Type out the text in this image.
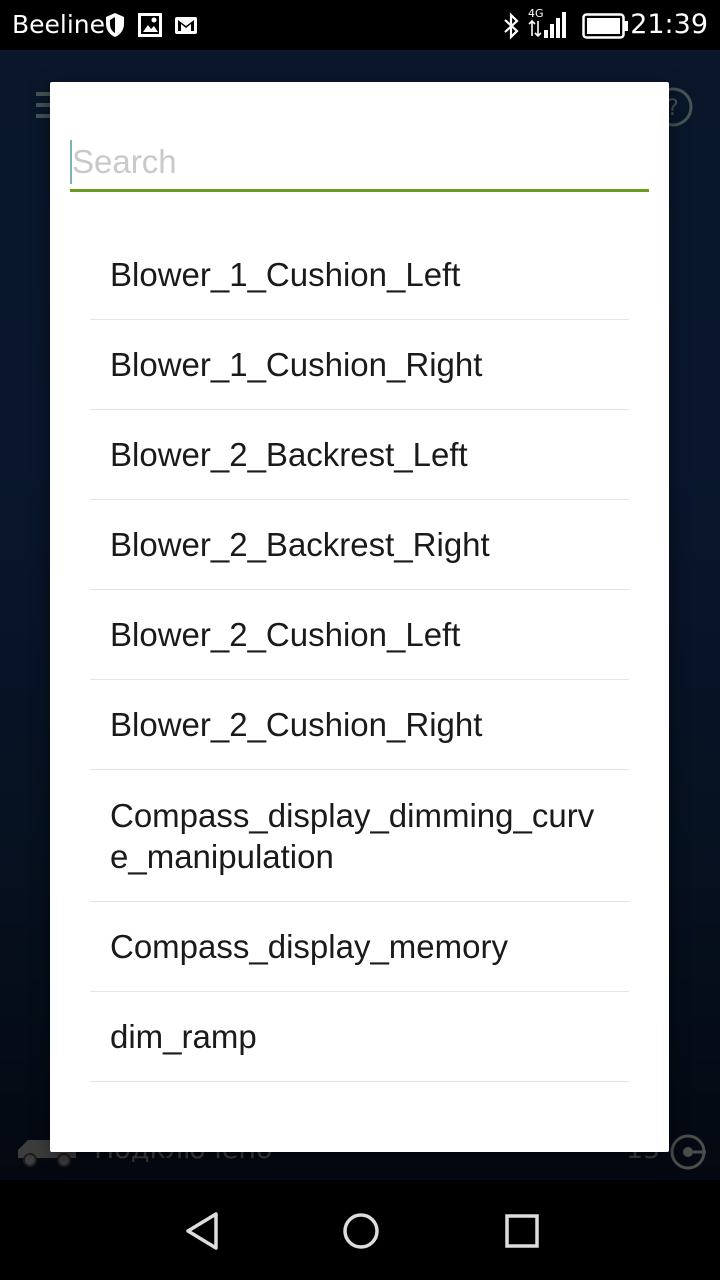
Beeline	4G	21:39
Search
Blower_1_Cushion_Left
Blower_1_Cushion_Right
Blower_2_Backrest_Left
Blower_2_Backrest_Right
Blower_2_Cushion_Left
Blower_2_Cushion_Right
Compass_display_dimming_curve_manipulation
Compass_display_memory
dim_ramp
